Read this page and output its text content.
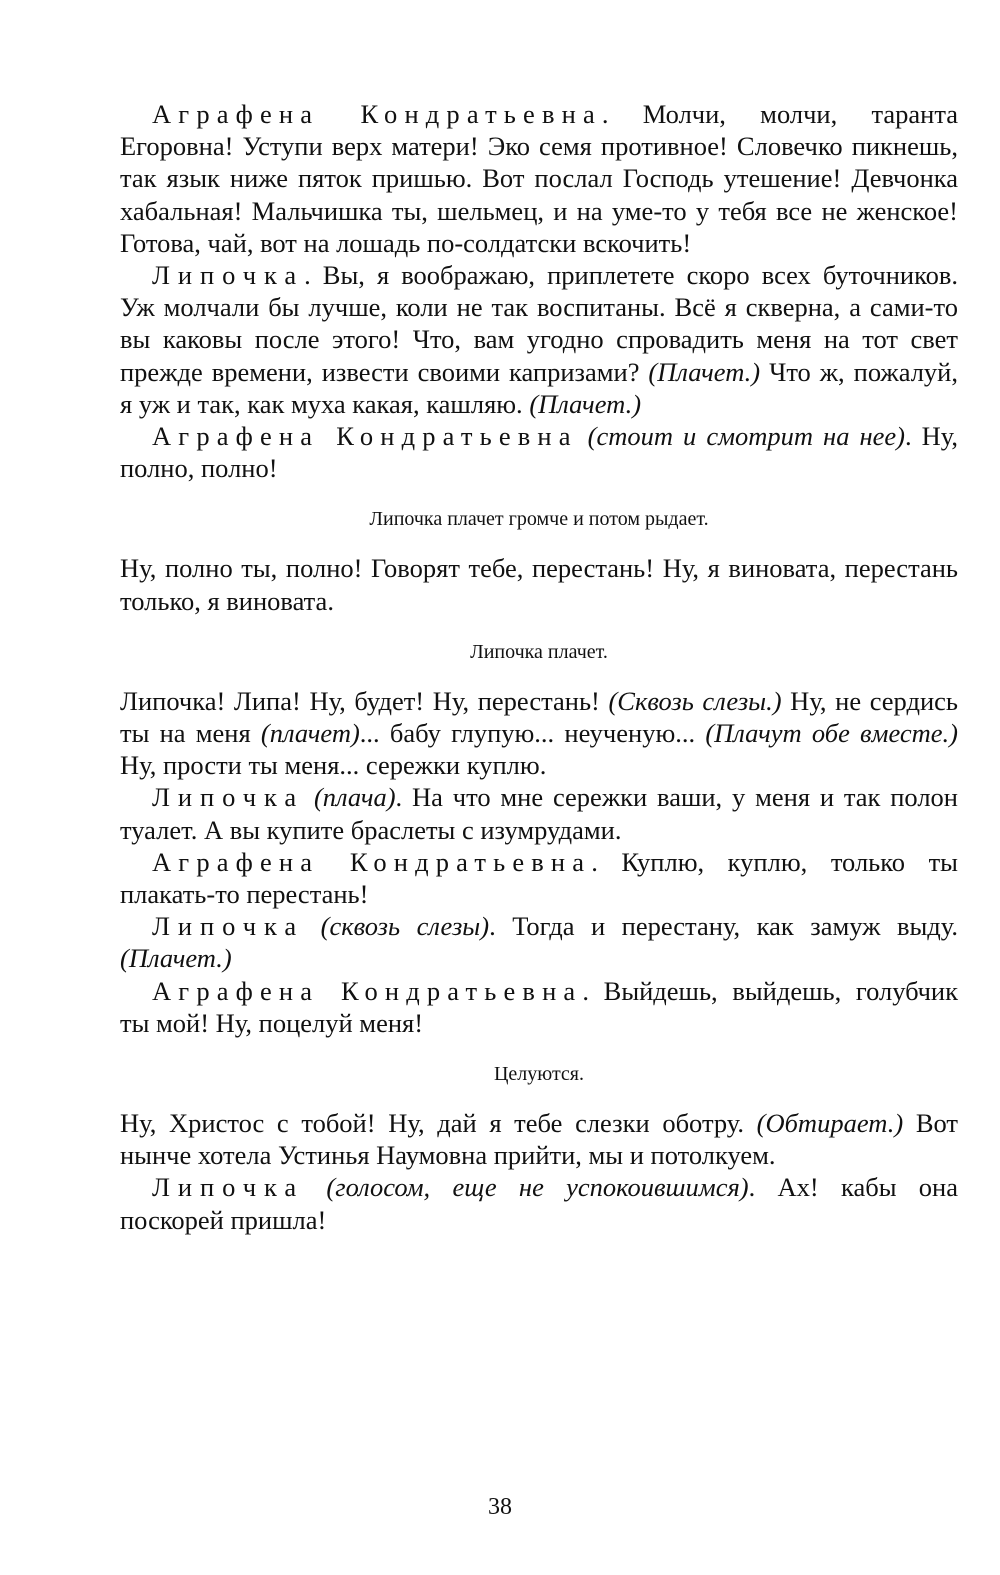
Аграфена Кондратьевна. Молчи, молчи, таранта Егоровна! Уступи верх матери! Эко семя противное! Словечко пикнешь, так язык ниже пяток пришью. Вот послал Господь утешение! Девчонка хабальная! Мальчишка ты, шельмец, и на уме-то у тебя все не женское! Готова, чай, вот на лошадь по-солдатски вскочить!

Липочка. Вы, я воображаю, приплетете скоро всех буточников. Уж молчали бы лучше, коли не так воспитаны. Всё я скверна, а сами-то вы каковы после этого! Что, вам угодно спровадить меня на тот свет прежде времени, извести своими капризами? (Плачет.) Что ж, пожалуй, я уж и так, как муха какая, кашляю. (Плачет.)

Аграфена Кондратьевна (стоит и смотрит на нее). Ну, полно, полно!

Липочка плачет громче и потом рыдает.

Ну, полно ты, полно! Говорят тебе, перестань! Ну, я виновата, перестань только, я виновата.

Липочка плачет.

Липочка! Липа! Ну, будет! Ну, перестань! (Сквозь слезы.) Ну, не сердись ты на меня (плачет)... бабу глупую... неученую... (Плачут обе вместе.) Ну, прости ты меня... сережки куплю.

Липочка (плача). На что мне сережки ваши, у меня и так полон туалет. А вы купите браслеты с изумрудами.

Аграфена Кондратьевна. Куплю, куплю, только ты плакать-то перестань!

Липочка (сквозь слезы). Тогда и перестану, как замуж выду. (Плачет.)

Аграфена Кондратьевна. Выйдешь, выйдешь, голубчик ты мой! Ну, поцелуй меня!

Целуются.

Ну, Христос с тобой! Ну, дай я тебе слезки оботру. (Обтирает.) Вот нынче хотела Устинья Наумовна прийти, мы и потолкуем.

Липочка (голосом, еще не успокоившимся). Ах! кабы она поскорей пришла!

38
